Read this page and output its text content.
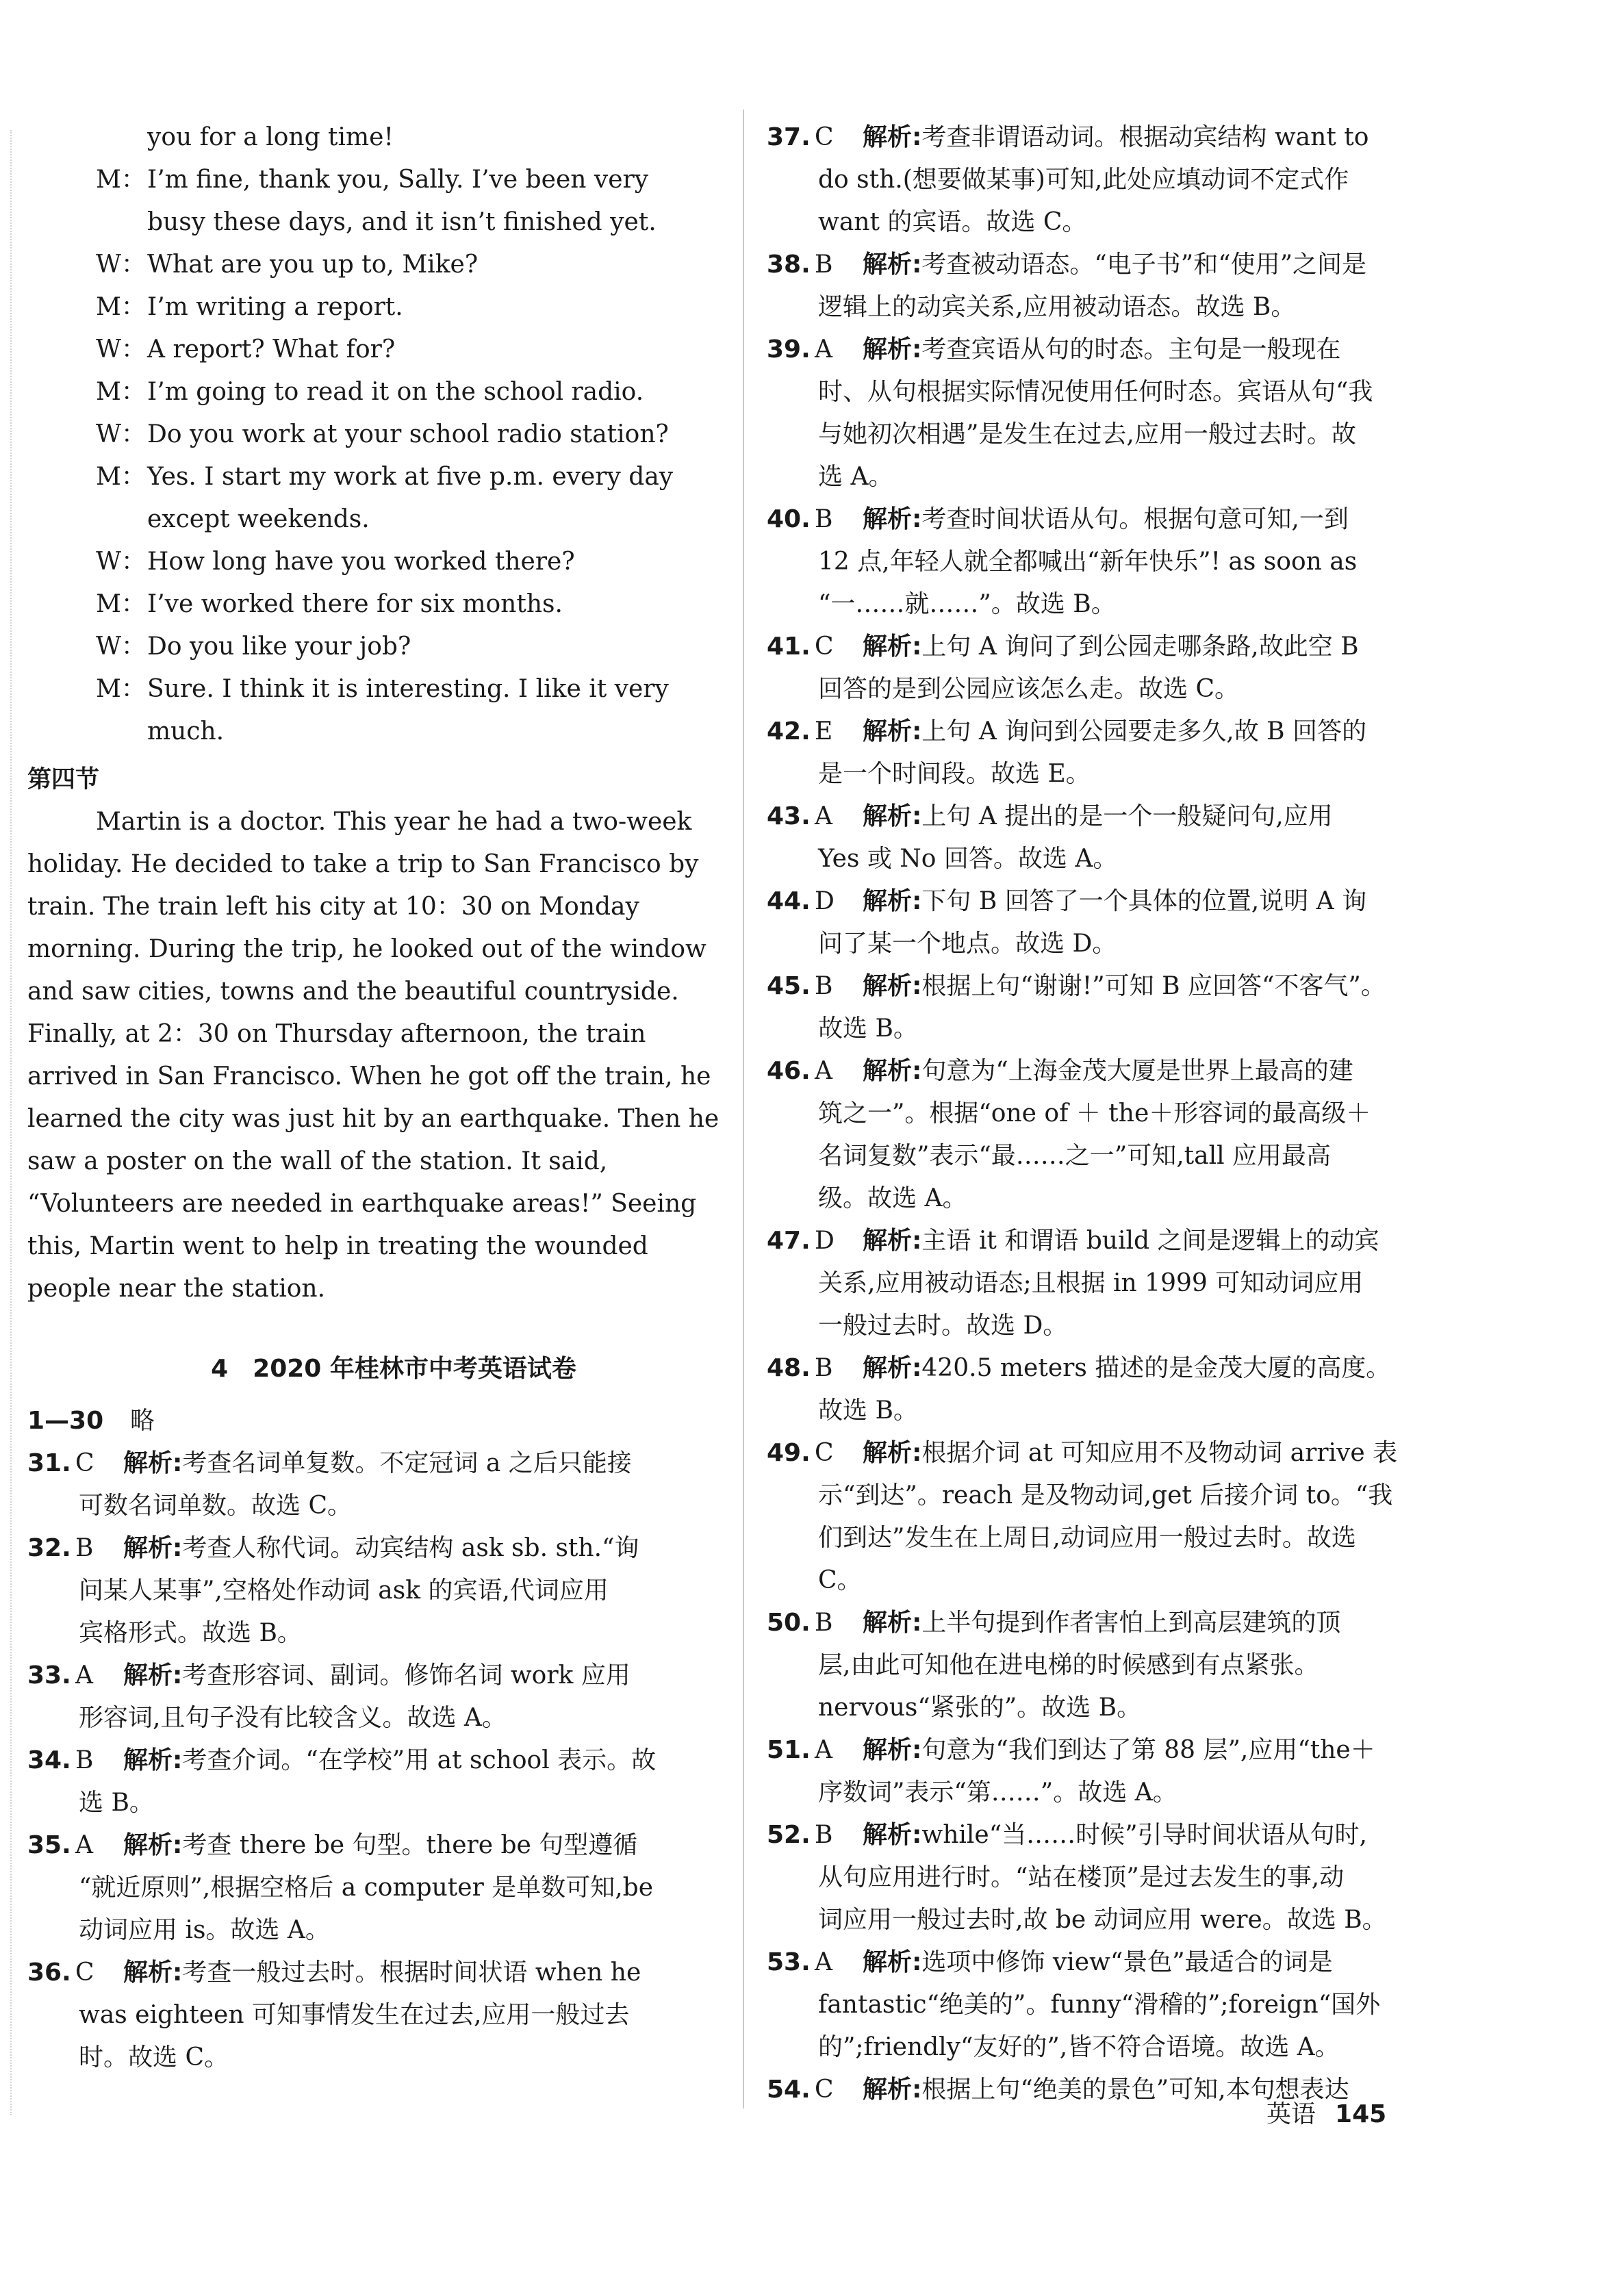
you for a long time!
M： I’m fine, thank you, Sally. I’ve been very
busy these days, and it isn’t finished yet.
W： What are you up to, Mike?
M： I’m writing a report.
W： A report? What for?
M： I’m going to read it on the school radio.
W： Do you work at your school radio station?
M： Yes. I start my work at five p.m. every day
except weekends.
W： How long have you worked there?
M： I’ve worked there for six months.
W： Do you like your job?
M： Sure. I think it is interesting. I like it very
much.
第四节
Martin is a doctor. This year he had a two-week
holiday. He decided to take a trip to San Francisco by
train. The train left his city at 10：30 on Monday
morning. During the trip, he looked out of the window
and saw cities, towns and the beautiful countryside.
Finally, at 2：30 on Thursday afternoon, the train
arrived in San Francisco. When he got off the train, he
learned the city was just hit by an earthquake. Then he
saw a poster on the wall of the station. It said,
“Volunteers are needed in earthquake areas!” Seeing
this, Martin went to help in treating the wounded
people near the station.
4　2020 年桂林市中考英语试卷
1—30	略
31. C	解析:考查名词单复数。不定冠词 a 之后只能接
可数名词单数。故选 C。
32. B	解析:考查人称代词。动宾结构 ask sb. sth.“询
问某人某事”,空格处作动词 ask 的宾语,代词应用
宾格形式。故选 B。
33. A	解析:考查形容词、副词。修饰名词 work 应用
形容词,且句子没有比较含义。故选 A。
34. B	解析:考查介词。“在学校”用 at school 表示。故
选 B。
35. A	解析:考查 there be 句型。there be 句型遵循
“就近原则”,根据空格后 a computer 是单数可知,be
动词应用 is。故选 A。
36. C	解析:考查一般过去时。根据时间状语 when he
was eighteen 可知事情发生在过去,应用一般过去
时。故选 C。
37. C	解析:考查非谓语动词。根据动宾结构 want to
do sth.(想要做某事)可知,此处应填动词不定式作
want 的宾语。故选 C。
38. B	解析:考查被动语态。“电子书”和“使用”之间是
逻辑上的动宾关系,应用被动语态。故选 B。
39. A	解析:考查宾语从句的时态。主句是一般现在
时、从句根据实际情况使用任何时态。宾语从句“我
与她初次相遇”是发生在过去,应用一般过去时。故
选 A。
40. B	解析:考查时间状语从句。根据句意可知,一到
12 点,年轻人就全都喊出“新年快乐”! as soon as
“一……就……”。故选 B。
41. C	解析:上句 A 询问了到公园走哪条路,故此空 B
回答的是到公园应该怎么走。故选 C。
42. E	解析:上句 A 询问到公园要走多久,故 B 回答的
是一个时间段。故选 E。
43. A	解析:上句 A 提出的是一个一般疑问句,应用
Yes 或 No 回答。故选 A。
44. D	解析:下句 B 回答了一个具体的位置,说明 A 询
问了某一个地点。故选 D。
45. B	解析:根据上句“谢谢!”可知 B 应回答“不客气”。
故选 B。
46. A	解析:句意为“上海金茂大厦是世界上最高的建
筑之一”。根据“one of ＋ the＋形容词的最高级＋
名词复数”表示“最……之一”可知,tall 应用最高
级。故选 A。
47. D	解析:主语 it 和谓语 build 之间是逻辑上的动宾
关系,应用被动语态;且根据 in 1999 可知动词应用
一般过去时。故选 D。
48. B	解析:420.5 meters 描述的是金茂大厦的高度。
故选 B。
49. C	解析:根据介词 at 可知应用不及物动词 arrive 表
示“到达”。reach 是及物动词,get 后接介词 to。“我
们到达”发生在上周日,动词应用一般过去时。故选
C。
50. B	解析:上半句提到作者害怕上到高层建筑的顶
层,由此可知他在进电梯的时候感到有点紧张。
nervous“紧张的”。故选 B。
51. A	解析:句意为“我们到达了第 88 层”,应用“the＋
序数词”表示“第……”。故选 A。
52. B	解析:while“当……时候”引导时间状语从句时,
从句应用进行时。“站在楼顶”是过去发生的事,动
词应用一般过去时,故 be 动词应用 were。故选 B。
53. A	解析:选项中修饰 view“景色”最适合的词是
fantastic“绝美的”。funny“滑稽的”;foreign“国外
的”;friendly“友好的”,皆不符合语境。故选 A。
54. C	解析:根据上句“绝美的景色”可知,本句想表达
英语 145
